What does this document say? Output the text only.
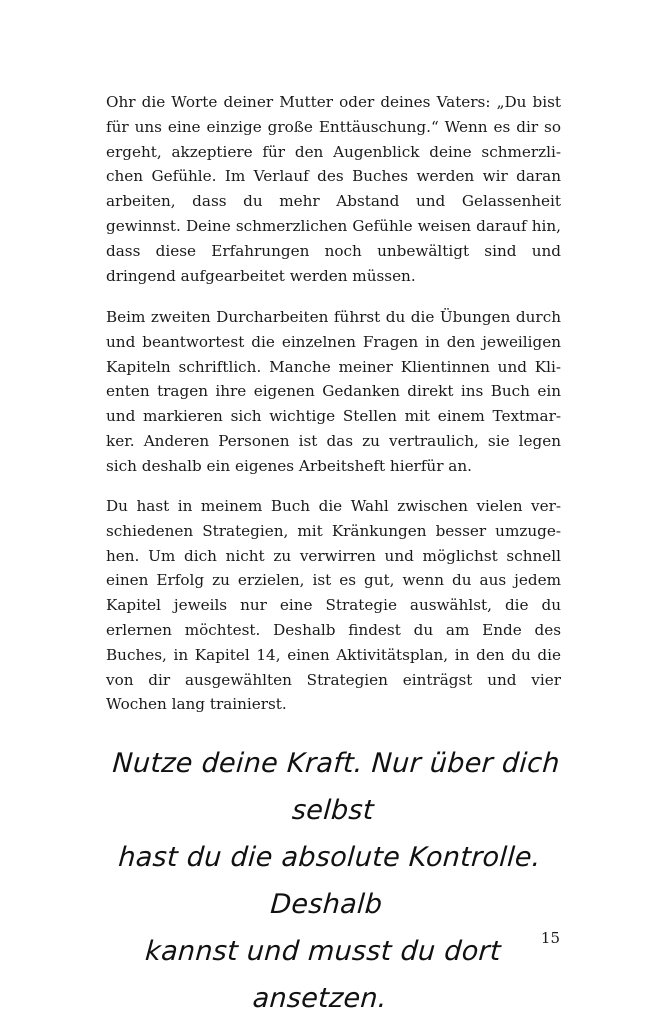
Ohr die Worte deiner Mutter oder deines Vaters: „Du bist für uns eine einzige große Enttäuschung.“ Wenn es dir so ergeht, akzeptiere für den Augenblick deine schmerzlichen Gefühle. Im Verlauf des Buches werden wir daran arbeiten, dass du mehr Abstand und Gelassenheit gewinnst. Deine schmerzlichen Gefühle weisen darauf hin, dass diese Erfahrungen noch unbewältigt sind und dringend aufgearbeitet werden müssen.

Beim zweiten Durcharbeiten führst du die Übungen durch und beantwortest die einzelnen Fragen in den jeweiligen Kapiteln schriftlich. Manche meiner Klientinnen und Klienten tragen ihre eigenen Gedanken direkt ins Buch ein und markieren sich wichtige Stellen mit einem Textmarker. Anderen Personen ist das zu vertraulich, sie legen sich deshalb ein eigenes Arbeitsheft hierfür an.

Du hast in meinem Buch die Wahl zwischen vielen verschiedenen Strategien, mit Kränkungen besser umzugehen. Um dich nicht zu verwirren und möglichst schnell einen Erfolg zu erzielen, ist es gut, wenn du aus jedem Kapitel jeweils nur eine Strategie auswählst, die du erlernen möchtest. Deshalb findest du am Ende des Buches, in Kapitel 14, einen Aktivitätsplan, in den du die von dir ausgewählten Strategien einträgst und vier Wochen lang trainierst.

Nutze deine Kraft. Nur über dich selbst
hast du die absolute Kontrolle. Deshalb
kannst und musst du dort ansetzen.
15
